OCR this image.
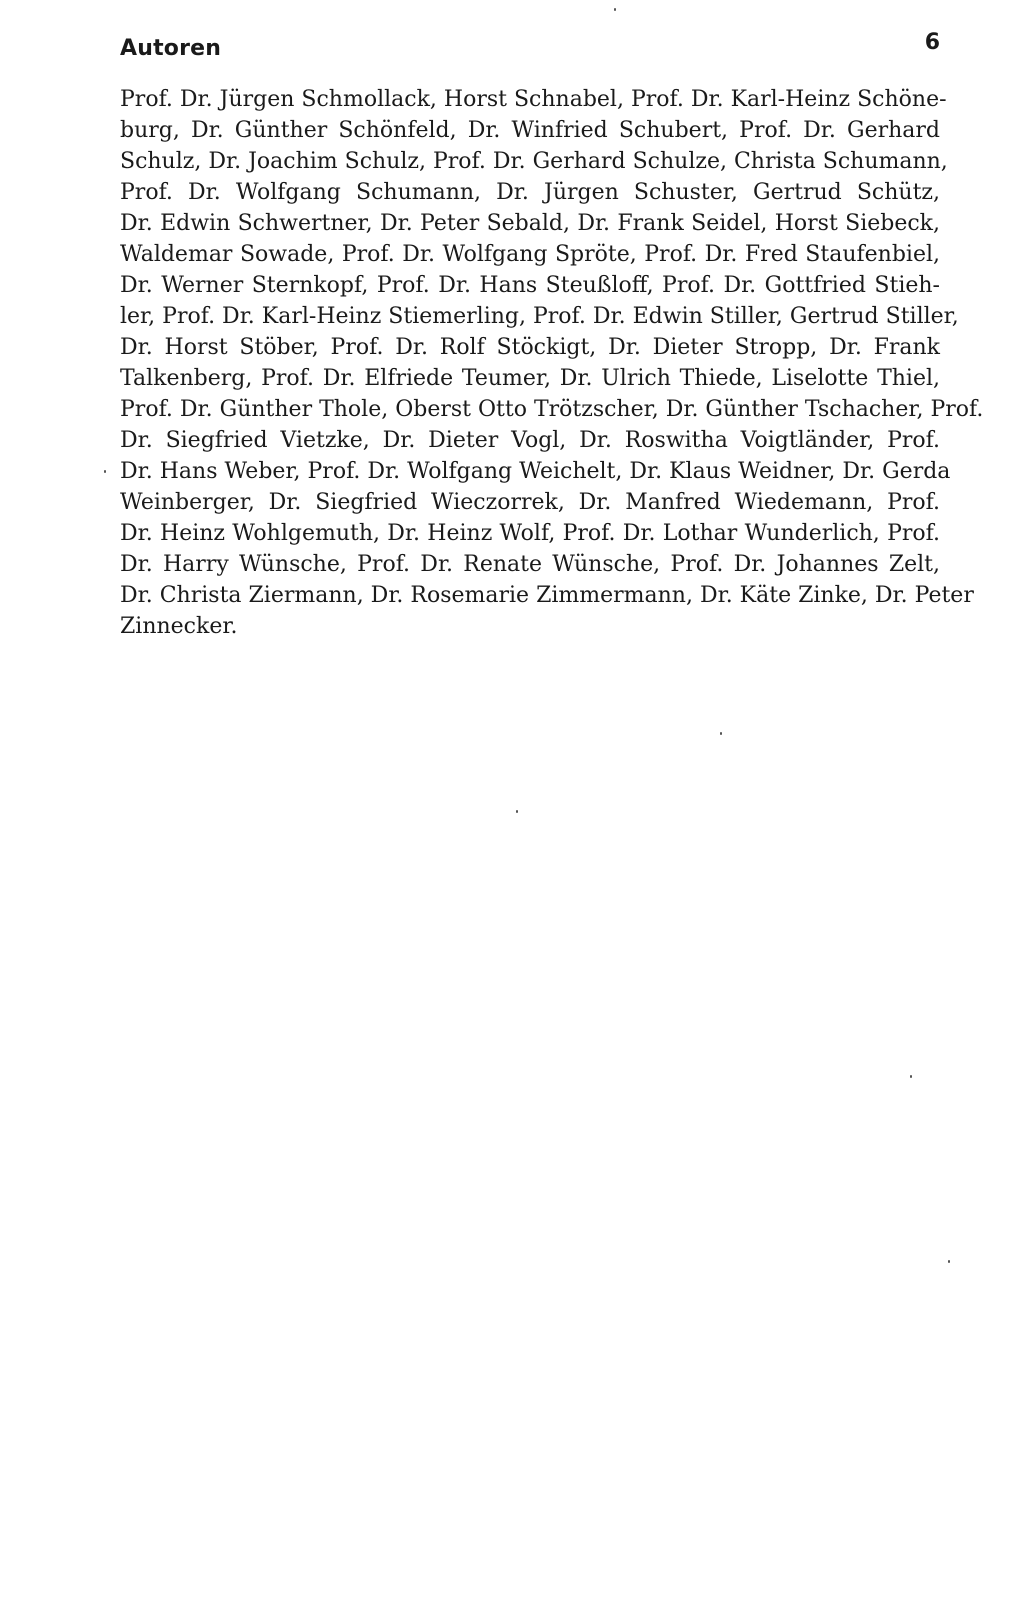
Autoren	6
Prof. Dr. Jürgen Schmollack, Horst Schnabel, Prof. Dr. Karl-Heinz Schöne-
burg, Dr. Günther Schönfeld, Dr. Winfried Schubert, Prof. Dr. Gerhard
Schulz, Dr. Joachim Schulz, Prof. Dr. Gerhard Schulze, Christa Schumann,
Prof. Dr. Wolfgang Schumann, Dr. Jürgen Schuster, Gertrud Schütz,
Dr. Edwin Schwertner, Dr. Peter Sebald, Dr. Frank Seidel, Horst Siebeck,
Waldemar Sowade, Prof. Dr. Wolfgang Spröte, Prof. Dr. Fred Staufenbiel,
Dr. Werner Sternkopf, Prof. Dr. Hans Steußloff, Prof. Dr. Gottfried Stieh-
ler, Prof. Dr. Karl-Heinz Stiemerling, Prof. Dr. Edwin Stiller, Gertrud Stiller,
Dr. Horst Stöber, Prof. Dr. Rolf Stöckigt, Dr. Dieter Stropp, Dr. Frank
Talkenberg, Prof. Dr. Elfriede Teumer, Dr. Ulrich Thiede, Liselotte Thiel,
Prof. Dr. Günther Thole, Oberst Otto Trötzscher, Dr. Günther Tschacher, Prof.
Dr. Siegfried Vietzke, Dr. Dieter Vogl, Dr. Roswitha Voigtländer, Prof.
Dr. Hans Weber, Prof. Dr. Wolfgang Weichelt, Dr. Klaus Weidner, Dr. Gerda
Weinberger, Dr. Siegfried Wieczorrek, Dr. Manfred Wiedemann, Prof.
Dr. Heinz Wohlgemuth, Dr. Heinz Wolf, Prof. Dr. Lothar Wunderlich, Prof.
Dr. Harry Wünsche, Prof. Dr. Renate Wünsche, Prof. Dr. Johannes Zelt,
Dr. Christa Ziermann, Dr. Rosemarie Zimmermann, Dr. Käte Zinke, Dr. Peter
Zinnecker.
